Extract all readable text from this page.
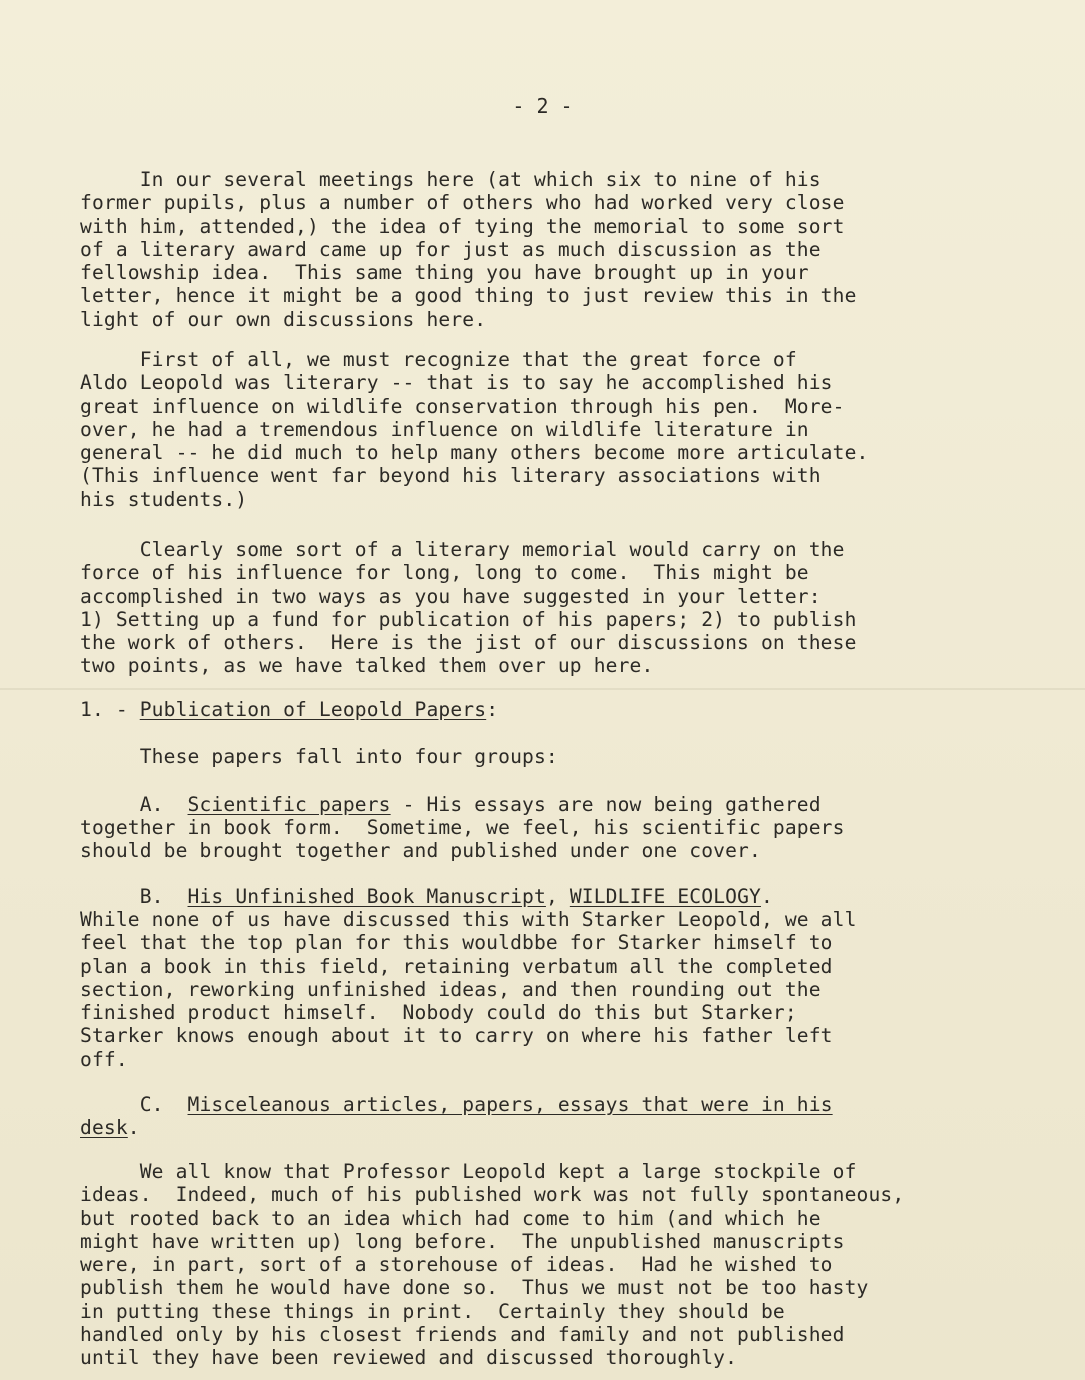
- 2 -
In our several meetings here (at which six to nine of his
former pupils, plus a number of others who had worked very close
with him, attended,) the idea of tying the memorial to some sort
of a literary award came up for just as much discussion as the
fellowship idea.  This same thing you have brought up in your
letter, hence it might be a good thing to just review this in the
light of our own discussions here.
First of all, we must recognize that the great force of
Aldo Leopold was literary -- that is to say he accomplished his
great influence on wildlife conservation through his pen.  More-
over, he had a tremendous influence on wildlife literature in
general -- he did much to help many others become more articulate.
(This influence went far beyond his literary associations with
his students.)
Clearly some sort of a literary memorial would carry on the
force of his influence for long, long to come.  This might be
accomplished in two ways as you have suggested in your letter:
1) Setting up a fund for publication of his papers; 2) to publish
the work of others.  Here is the jist of our discussions on these
two points, as we have talked them over up here.
1. - Publication of Leopold Papers:
These papers fall into four groups:
A.  Scientific papers - His essays are now being gathered
together in book form.  Sometime, we feel, his scientific papers
should be brought together and published under one cover.
B.  His Unfinished Book Manuscript, WILDLIFE ECOLOGY.
While none of us have discussed this with Starker Leopold, we all
feel that the top plan for this wouldbbe for Starker himself to
plan a book in this field, retaining verbatum all the completed
section, reworking unfinished ideas, and then rounding out the
finished product himself.  Nobody could do this but Starker;
Starker knows enough about it to carry on where his father left
off.
C.  Misceleanous articles, papers, essays that were in his
desk.
We all know that Professor Leopold kept a large stockpile of
ideas.  Indeed, much of his published work was not fully spontaneous,
but rooted back to an idea which had come to him (and which he
might have written up) long before.  The unpublished manuscripts
were, in part, sort of a storehouse of ideas.  Had he wished to
publish them he would have done so.  Thus we must not be too hasty
in putting these things in print.  Certainly they should be
handled only by his closest friends and family and not published
until they have been reviewed and discussed thoroughly.
